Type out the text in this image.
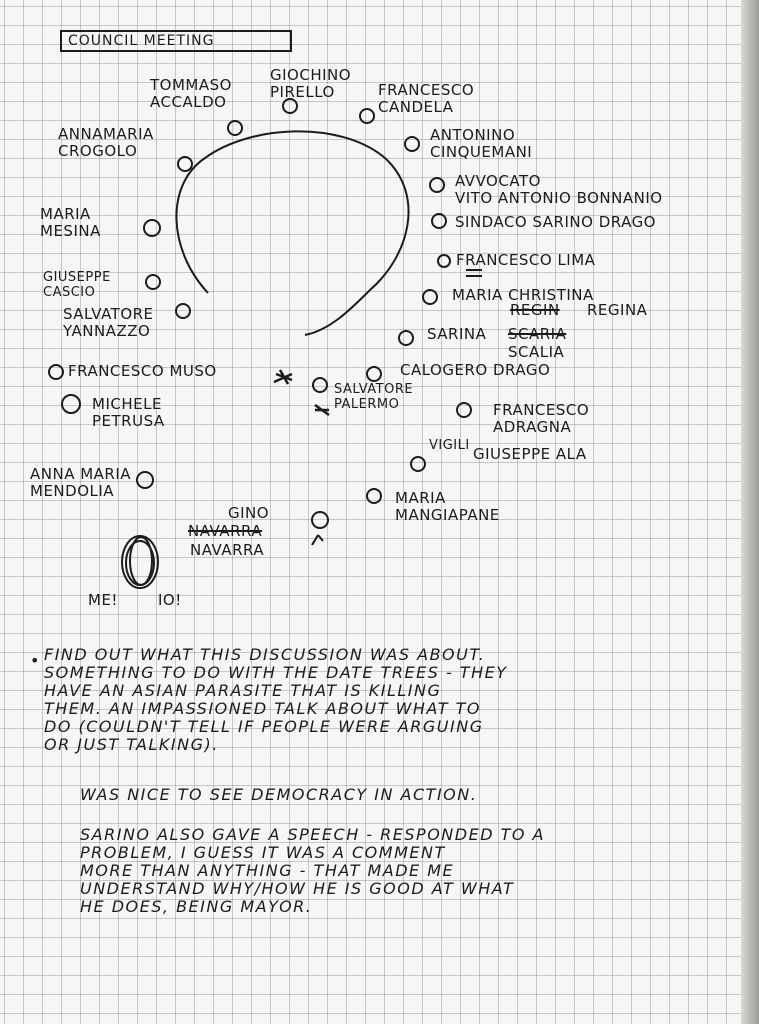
COUNCIL MEETING
TOMMASO
ACCALDO
GIOCHINO
PIRELLO	FRANCESCO
CANDELA
ANNAMARIA
CROGOLO
ANTONINO
CINQUEMANI
AVVOCATO
VITO ANTONIO BONNANIO
MARIA
MESINA	SINDACO SARINO DRAGO
FRANCESCO LIMA
GIUSEPPE
CASCIO	MARIA CHRISTINA
REGIN REGINA
SALVATORE
YANNAZZO	SARINA SCARIA
SCALIA
FRANCESCO MUSO	CALOGERO DRAGO
MICHELE
PETRUSA
SALVATORE
PALERMO	FRANCESCO
ADRAGNA
VIGILI GIUSEPPE ALA
ANNA MARIA
MENDOLIA	MARIA
MANGIAPANE
GINO
NAVARRA
NAVARRA
ME!	IO!
• FIND OUT WHAT THIS DISCUSSION WAS ABOUT.
SOMETHING TO DO WITH THE DATE TREES - THEY
HAVE AN ASIAN PARASITE THAT IS KILLING
THEM. AN IMPASSIONED TALK ABOUT WHAT TO
DO (COULDN'T TELL IF PEOPLE WERE ARGUING
OR JUST TALKING).
WAS NICE TO SEE DEMOCRACY IN ACTION.
SARINO ALSO GAVE A SPEECH - RESPONDED TO A
PROBLEM, I GUESS IT WAS A COMMENT
MORE THAN ANYTHING - THAT MADE ME
UNDERSTAND WHY/HOW HE IS GOOD AT WHAT
HE DOES, BEING MAYOR.
